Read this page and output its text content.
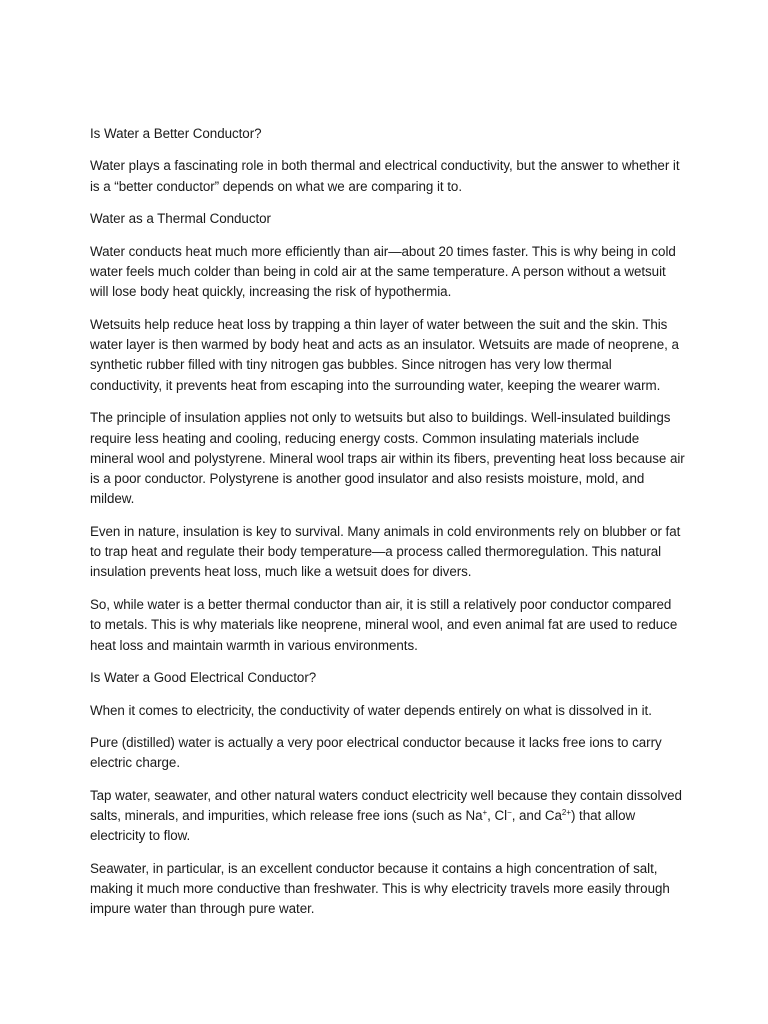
Is Water a Better Conductor?

Water plays a fascinating role in both thermal and electrical conductivity, but the answer to whether it is a “better conductor” depends on what we are comparing it to.

Water as a Thermal Conductor

Water conducts heat much more efficiently than air—about 20 times faster. This is why being in cold water feels much colder than being in cold air at the same temperature. A person without a wetsuit will lose body heat quickly, increasing the risk of hypothermia.

Wetsuits help reduce heat loss by trapping a thin layer of water between the suit and the skin. This water layer is then warmed by body heat and acts as an insulator. Wetsuits are made of neoprene, a synthetic rubber filled with tiny nitrogen gas bubbles. Since nitrogen has very low thermal conductivity, it prevents heat from escaping into the surrounding water, keeping the wearer warm.

The principle of insulation applies not only to wetsuits but also to buildings. Well-insulated buildings require less heating and cooling, reducing energy costs. Common insulating materials include mineral wool and polystyrene. Mineral wool traps air within its fibers, preventing heat loss because air is a poor conductor. Polystyrene is another good insulator and also resists moisture, mold, and mildew.

Even in nature, insulation is key to survival. Many animals in cold environments rely on blubber or fat to trap heat and regulate their body temperature—a process called thermoregulation. This natural insulation prevents heat loss, much like a wetsuit does for divers.

So, while water is a better thermal conductor than air, it is still a relatively poor conductor compared to metals. This is why materials like neoprene, mineral wool, and even animal fat are used to reduce heat loss and maintain warmth in various environments.

Is Water a Good Electrical Conductor?

When it comes to electricity, the conductivity of water depends entirely on what is dissolved in it.

Pure (distilled) water is actually a very poor electrical conductor because it lacks free ions to carry electric charge.

Tap water, seawater, and other natural waters conduct electricity well because they contain dissolved salts, minerals, and impurities, which release free ions (such as Na+, Cl−, and $Ca^{2+}$) that allow electricity to flow.

Seawater, in particular, is an excellent conductor because it contains a high concentration of salt, making it much more conductive than freshwater. This is why electricity travels more easily through impure water than through pure water.
